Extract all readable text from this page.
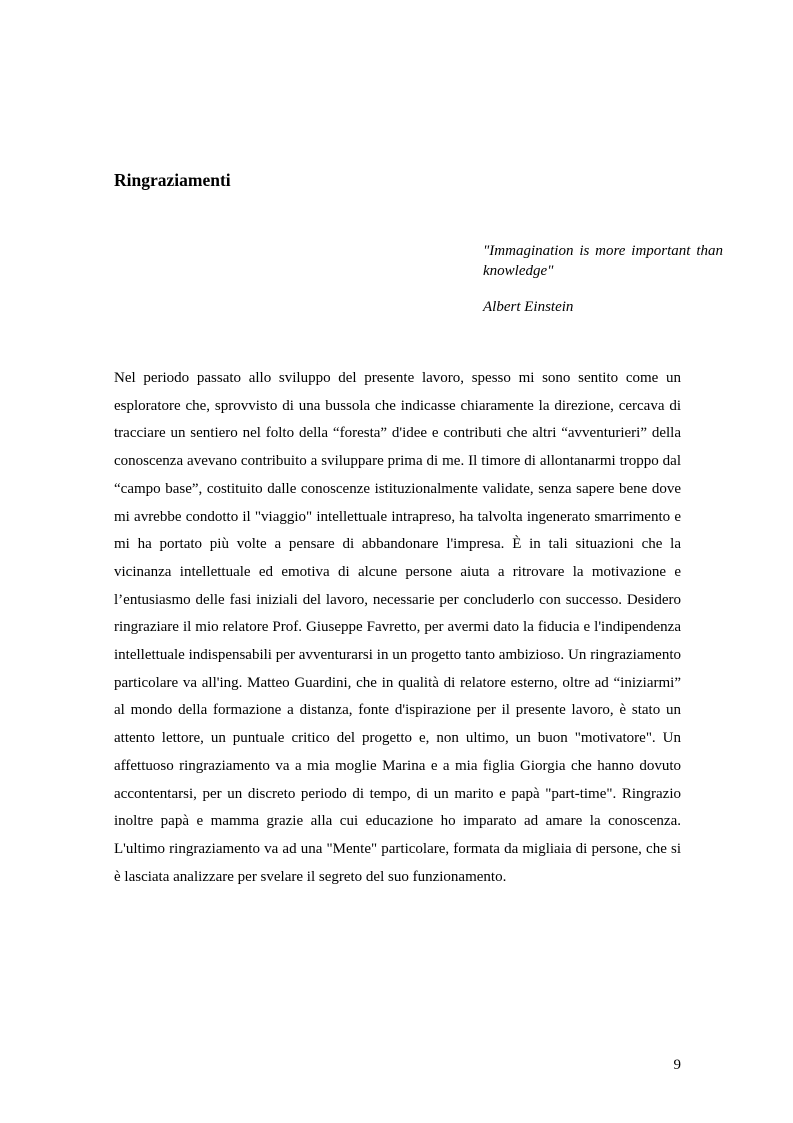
Ringraziamenti

"Immagination is more important than knowledge"

Albert Einstein

Nel periodo passato allo sviluppo del presente lavoro, spesso mi sono sentito come un esploratore che, sprovvisto di una bussola che indicasse chiaramente la direzione, cercava di tracciare un sentiero nel folto della “foresta” d'idee e contributi che altri “avventurieri” della conoscenza avevano contribuito a sviluppare prima di me. Il timore di allontanarmi troppo dal “campo base”, costituito dalle conoscenze istituzionalmente validate, senza sapere bene dove mi avrebbe condotto il "viaggio" intellettuale intrapreso, ha talvolta ingenerato smarrimento e mi ha portato più volte a pensare di abbandonare l'impresa. È in tali situazioni che la vicinanza intellettuale ed emotiva di alcune persone aiuta a ritrovare la motivazione e l’entusiasmo delle fasi iniziali del lavoro, necessarie per concluderlo con successo. Desidero ringraziare il mio relatore Prof. Giuseppe Favretto, per avermi dato la fiducia e l'indipendenza intellettuale indispensabili per avventurarsi in un progetto tanto ambizioso. Un ringraziamento particolare va all'ing. Matteo Guardini, che in qualità di relatore esterno, oltre ad “iniziarmi” al mondo della formazione a distanza, fonte d'ispirazione per il presente lavoro, è stato un attento lettore, un puntuale critico del progetto e, non ultimo, un buon "motivatore". Un affettuoso ringraziamento va a mia moglie Marina e a mia figlia Giorgia che hanno dovuto accontentarsi, per un discreto periodo di tempo, di un marito e papà "part-time". Ringrazio inoltre papà e mamma grazie alla cui educazione ho imparato ad amare la conoscenza. L'ultimo ringraziamento va ad una "Mente" particolare, formata da migliaia di persone, che si è lasciata analizzare per svelare il segreto del suo funzionamento.

9
